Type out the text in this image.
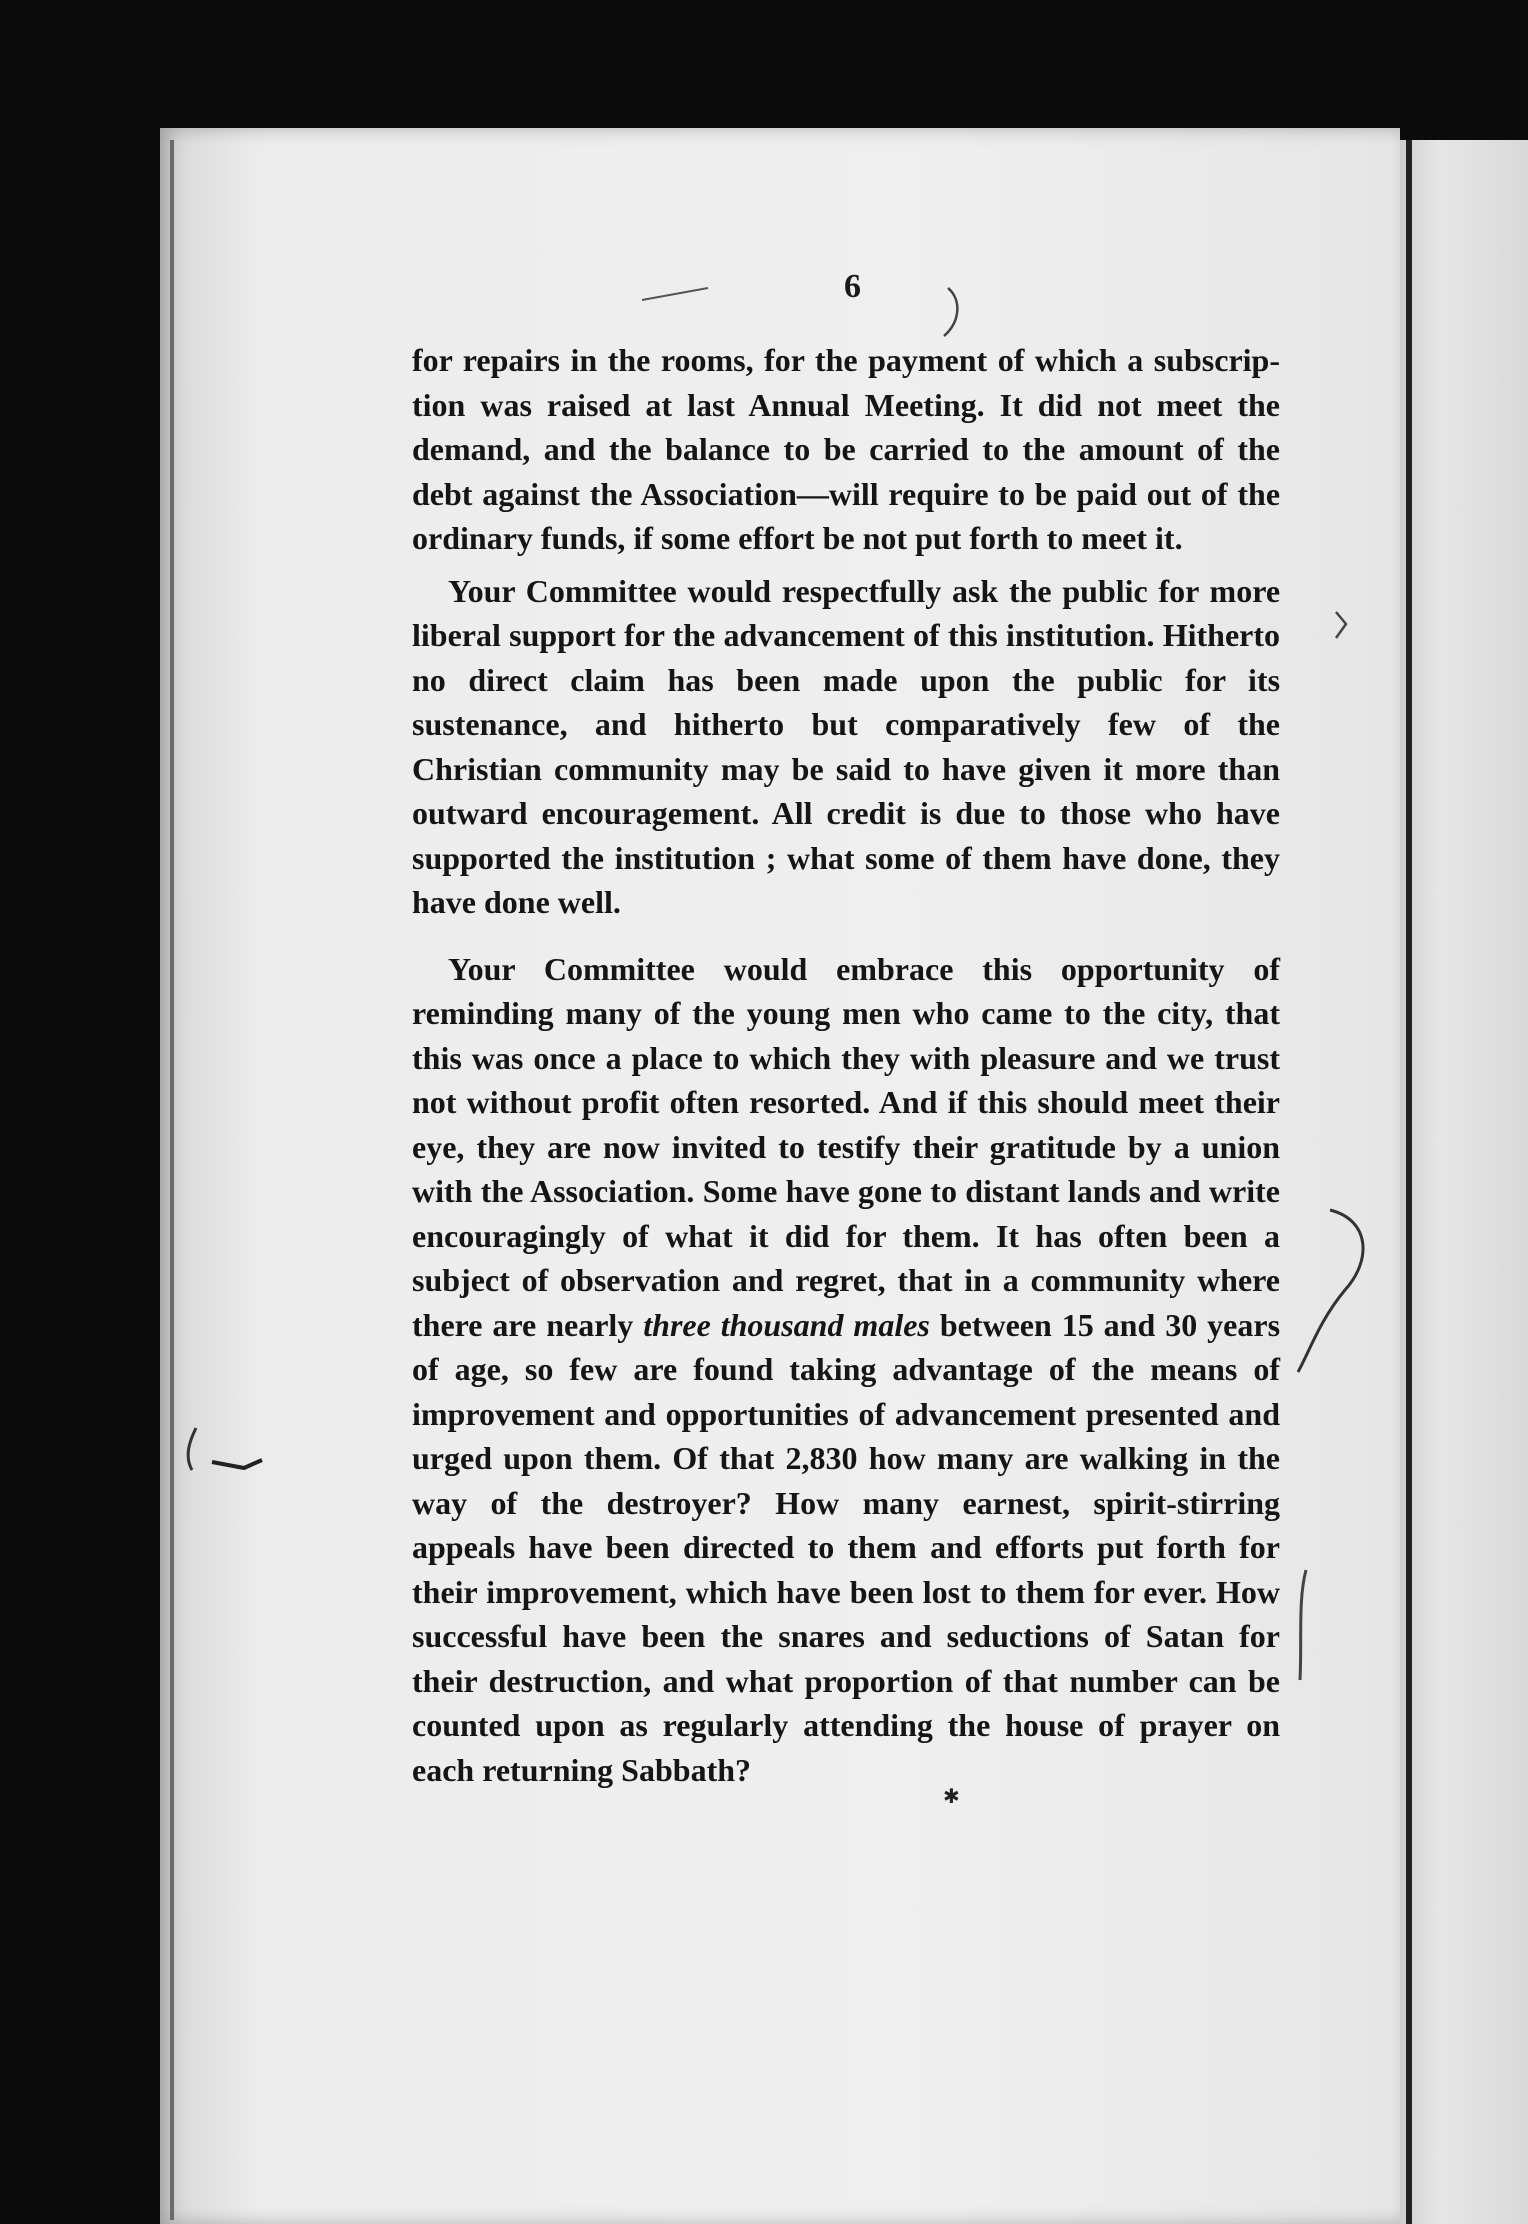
6

for repairs in the rooms, for the payment of which a subscrip- tion was raised at last Annual Meeting. It did not meet the demand, and the balance to be carried to the amount of the debt against the Association—will require to be paid out of the ordinary funds, if some effort be not put forth to meet it.

Your Committee would respectfully ask the public for more liberal support for the advancement of this institution. Hitherto no direct claim has been made upon the public for its sustenance, and hitherto but comparatively few of the Christian community may be said to have given it more than outward encouragement. All credit is due to those who have supported the institution ; what some of them have done, they have done well.

Your Committee would embrace this opportunity of reminding many of the young men who came to the city, that this was once a place to which they with pleasure and we trust not without profit often resorted. And if this should meet their eye, they are now invited to testify their gratitude by a union with the Association. Some have gone to distant lands and write encouragingly of what it did for them. It has often been a subject of observation and regret, that in a community where there are nearly three thousand males between 15 and 30 years of age, so few are found taking advantage of the means of improvement and opportunities of advancement presented and urged upon them. Of that 2,830 how many are walking in the way of the destroyer? How many earnest, spirit-stirring appeals have been directed to them and efforts put forth for their improvement, which have been lost to them for ever. How successful have been the snares and seductions of Satan for their destruction, and what proportion of that number can be counted upon as regularly attending the house of prayer on each returning Sabbath?

✱
